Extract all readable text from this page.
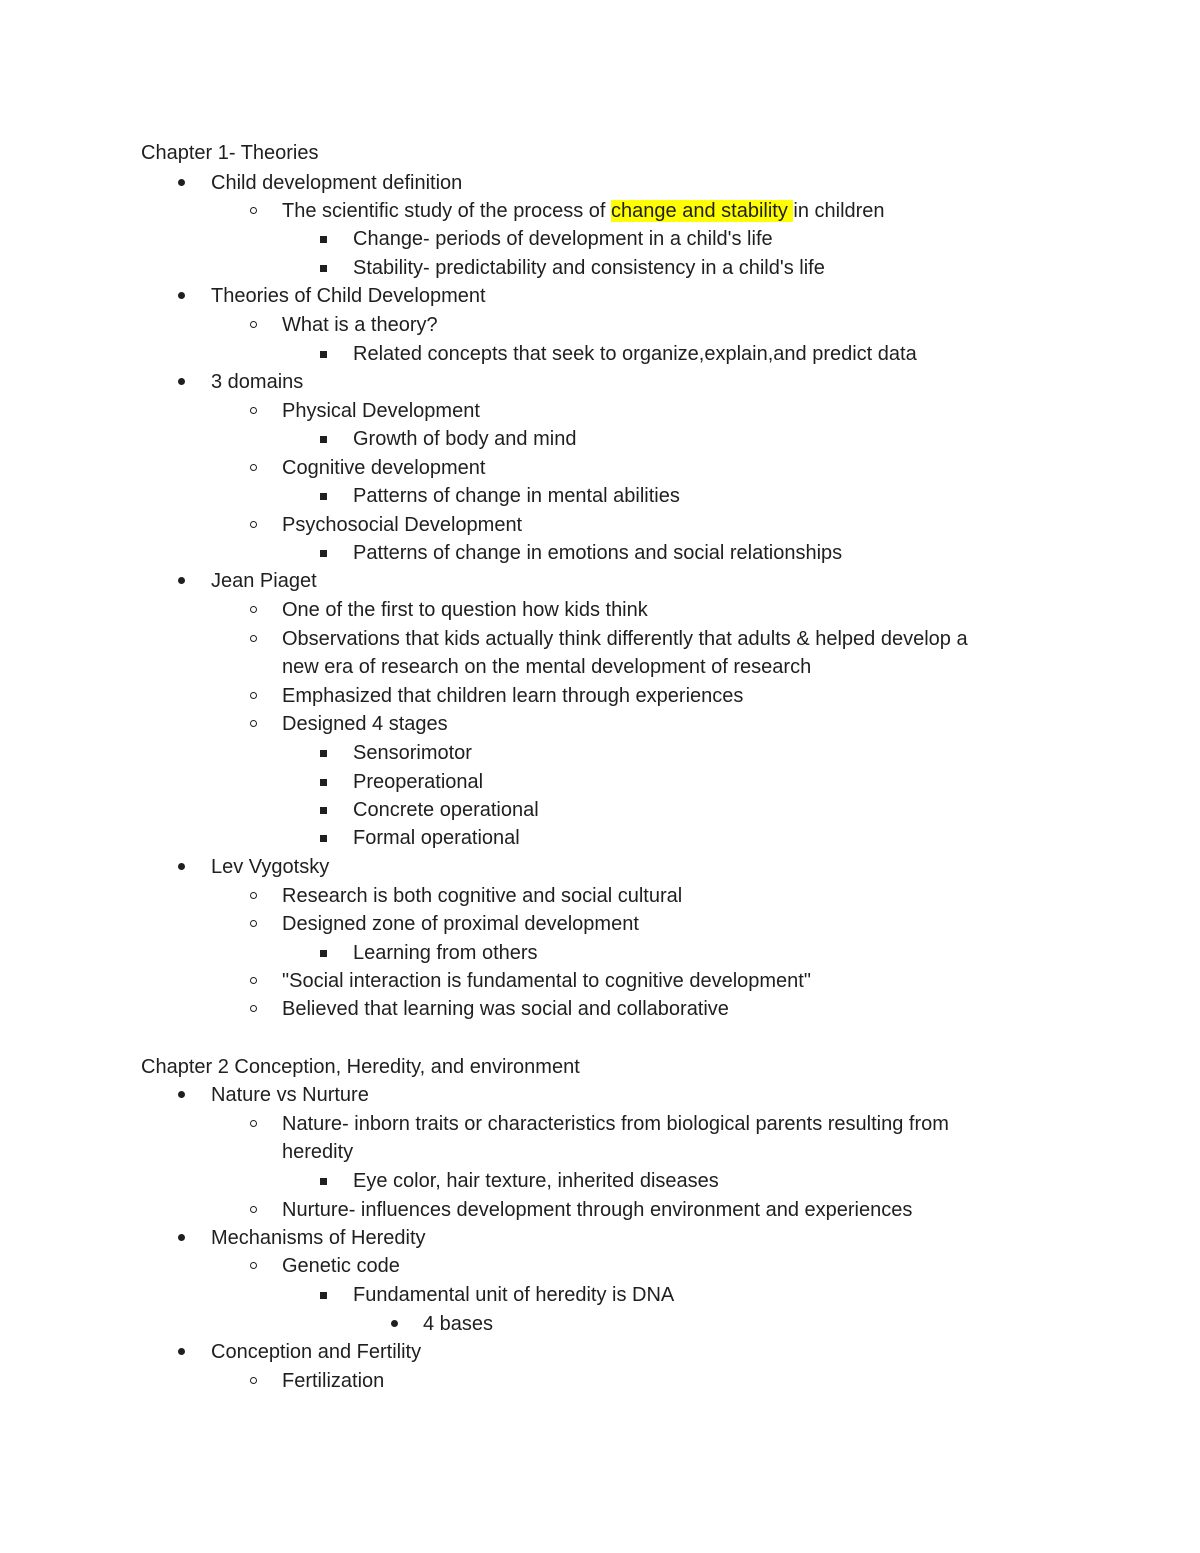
Chapter 1- Theories
Child development definition
The scientific study of the process of change and stability in children
Change- periods of development in a child's life
Stability- predictability and consistency in a child's life
Theories of Child Development
What is a theory?
Related concepts that seek to organize,explain,and predict data
3 domains
Physical Development
Growth of body and mind
Cognitive development
Patterns of change in mental abilities
Psychosocial Development
Patterns of change in emotions and social relationships
Jean Piaget
One of the first to question how kids think
Observations that kids actually think differently that adults & helped develop a
new era of research on the mental development of research
Emphasized that children learn through experiences
Designed 4 stages
Sensorimotor
Preoperational
Concrete operational
Formal operational
Lev Vygotsky
Research is both cognitive and social cultural
Designed zone of proximal development
Learning from others
"Social interaction is fundamental to cognitive development"
Believed that learning was social and collaborative
Chapter 2 Conception, Heredity, and environment
Nature vs Nurture
Nature- inborn traits or characteristics from biological parents resulting from
heredity
Eye color, hair texture, inherited diseases
Nurture- influences development through environment and experiences
Mechanisms of Heredity
Genetic code
Fundamental unit of heredity is DNA
4 bases
Conception and Fertility
Fertilization
